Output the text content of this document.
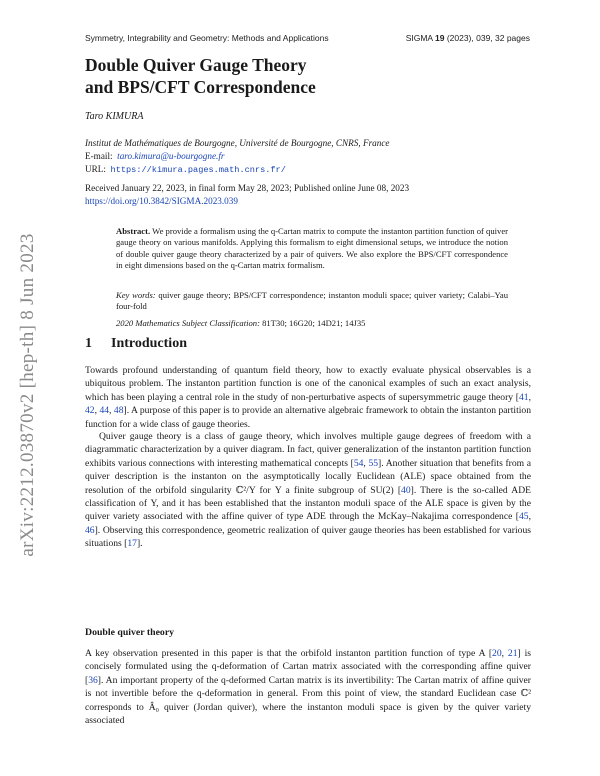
arXiv:2212.03870v2 [hep-th] 8 Jun 2023
Symmetry, Integrability and Geometry: Methods and Applications	SIGMA 19 (2023), 039, 32 pages
Double Quiver Gauge Theory
and BPS/CFT Correspondence
Taro KIMURA
Institut de Mathématiques de Bourgogne, Université de Bourgogne, CNRS, France
E-mail: taro.kimura@u-bourgogne.fr
URL: https://kimura.pages.math.cnrs.fr/
Received January 22, 2023, in final form May 28, 2023; Published online June 08, 2023
https://doi.org/10.3842/SIGMA.2023.039
Abstract. We provide a formalism using the q-Cartan matrix to compute the instanton partition function of quiver gauge theory on various manifolds. Applying this formalism to eight dimensional setups, we introduce the notion of double quiver gauge theory characterized by a pair of quivers. We also explore the BPS/CFT correspondence in eight dimensions based on the q-Cartan matrix formalism.
Key words: quiver gauge theory; BPS/CFT correspondence; instanton moduli space; quiver variety; Calabi–Yau four-fold
2020 Mathematics Subject Classification: 81T30; 16G20; 14D21; 14J35
1 Introduction

Towards profound understanding of quantum field theory, how to exactly evaluate physical observables is a ubiquitous problem. The instanton partition function is one of the canonical examples of such an exact analysis, which has been playing a central role in the study of non-perturbative aspects of supersymmetric gauge theory [41, 42, 44, 48]. A purpose of this paper is to provide an alternative algebraic framework to obtain the instanton partition function for a wide class of gauge theories.

Quiver gauge theory is a class of gauge theory, which involves multiple gauge degrees of freedom with a diagrammatic characterization by a quiver diagram. In fact, quiver generalization of the instanton partition function exhibits various connections with interesting mathematical concepts [54, 55]. Another situation that benefits from a quiver description is the instanton on the asymptotically locally Euclidean (ALE) space obtained from the resolution of the orbifold singularity ℂ²/Υ for Υ a finite subgroup of SU(2) [40]. There is the so-called ADE classification of Υ, and it has been established that the instanton moduli space of the ALE space is given by the quiver variety associated with the affine quiver of type ADE through the McKay–Nakajima correspondence [45, 46]. Observing this correspondence, geometric realization of quiver gauge theories has been established for various situations [17].

Double quiver theory

A key observation presented in this paper is that the orbifold instanton partition function of type A [20, 21] is concisely formulated using the q-deformation of Cartan matrix associated with the corresponding affine quiver [36]. An important property of the q-deformed Cartan matrix is its invertibility: The Cartan matrix of affine quiver is not invertible before the q-deformation in general. From this point of view, the standard Euclidean case ℂ² corresponds to Â₀ quiver (Jordan quiver), where the instanton moduli space is given by the quiver variety associated
